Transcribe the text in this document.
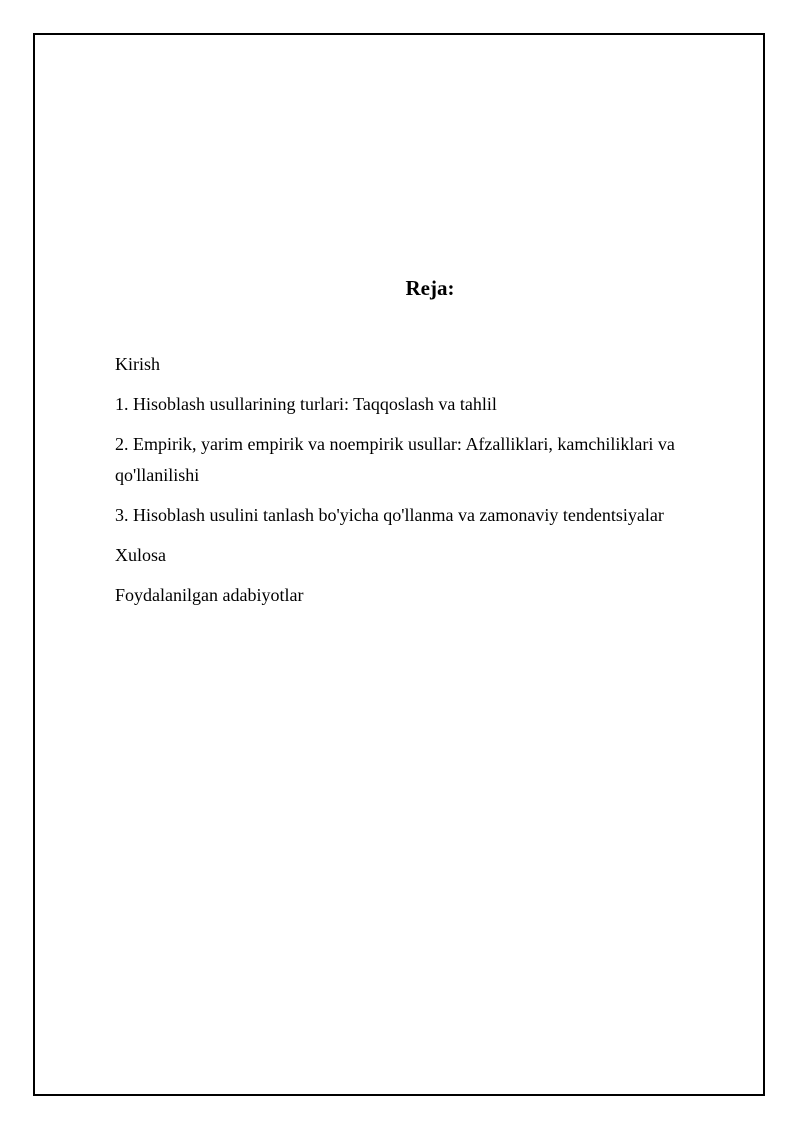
Reja:

Kirish

1. Hisoblash usullarining turlari: Taqqoslash va tahlil

2. Empirik, yarim empirik va noempirik usullar: Afzalliklari, kamchiliklari va qo'llanilishi

3. Hisoblash usulini tanlash bo'yicha qo'llanma va zamonaviy tendentsiyalar

Xulosa

Foydalanilgan adabiyotlar
